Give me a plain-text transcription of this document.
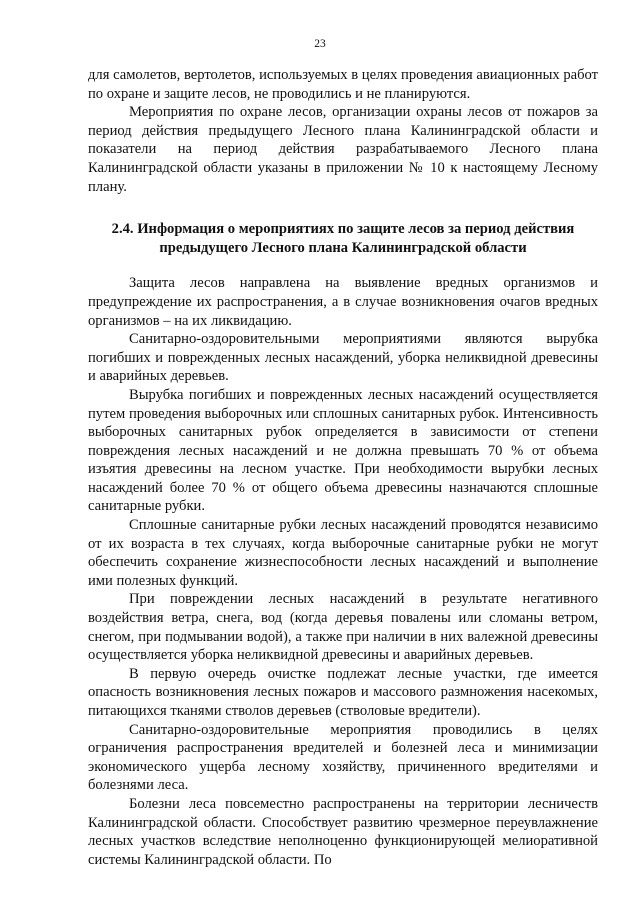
23

для самолетов, вертолетов, используемых в целях проведения авиационных работ по охране и защите лесов, не проводились и не планируются.

Мероприятия по охране лесов, организации охраны лесов от пожаров за период действия предыдущего Лесного плана Калининградской области и показатели на период действия разрабатываемого Лесного плана Калининградской области указаны в приложении № 10 к настоящему Лесному плану.

2.4. Информация о мероприятиях по защите лесов за период действия
предыдущего Лесного плана Калининградской области

Защита лесов направлена на выявление вредных организмов и предупреждение их распространения, а в случае возникновения очагов вредных организмов – на их ликвидацию.

Санитарно-оздоровительными мероприятиями являются вырубка погибших и поврежденных лесных насаждений, уборка неликвидной древесины и аварийных деревьев.

Вырубка погибших и поврежденных лесных насаждений осуществляется путем проведения выборочных или сплошных санитарных рубок. Интенсивность выборочных санитарных рубок определяется в зависимости от степени повреждения лесных насаждений и не должна превышать 70 % от объема изъятия древесины на лесном участке. При необходимости вырубки лесных насаждений более 70 % от общего объема древесины назначаются сплошные санитарные рубки.

Сплошные санитарные рубки лесных насаждений проводятся независимо от их возраста в тех случаях, когда выборочные санитарные рубки не могут обеспечить сохранение жизнеспособности лесных насаждений и выполнение ими полезных функций.

При повреждении лесных насаждений в результате негативного воздействия ветра, снега, вод (когда деревья повалены или сломаны ветром, снегом, при подмывании водой), а также при наличии в них валежной древесины осуществляется уборка неликвидной древесины и аварийных деревьев.

В первую очередь очистке подлежат лесные участки, где имеется опасность возникновения лесных пожаров и массового размножения насекомых, питающихся тканями стволов деревьев (стволовые вредители).

Санитарно-оздоровительные мероприятия проводились в целях ограничения распространения вредителей и болезней леса и минимизации экономического ущерба лесному хозяйству, причиненного вредителями и болезнями леса.

Болезни леса повсеместно распространены на территории лесничеств Калининградской области. Способствует развитию чрезмерное переувлажнение лесных участков вследствие неполноценно функционирующей мелиоративной системы Калининградской области. По
